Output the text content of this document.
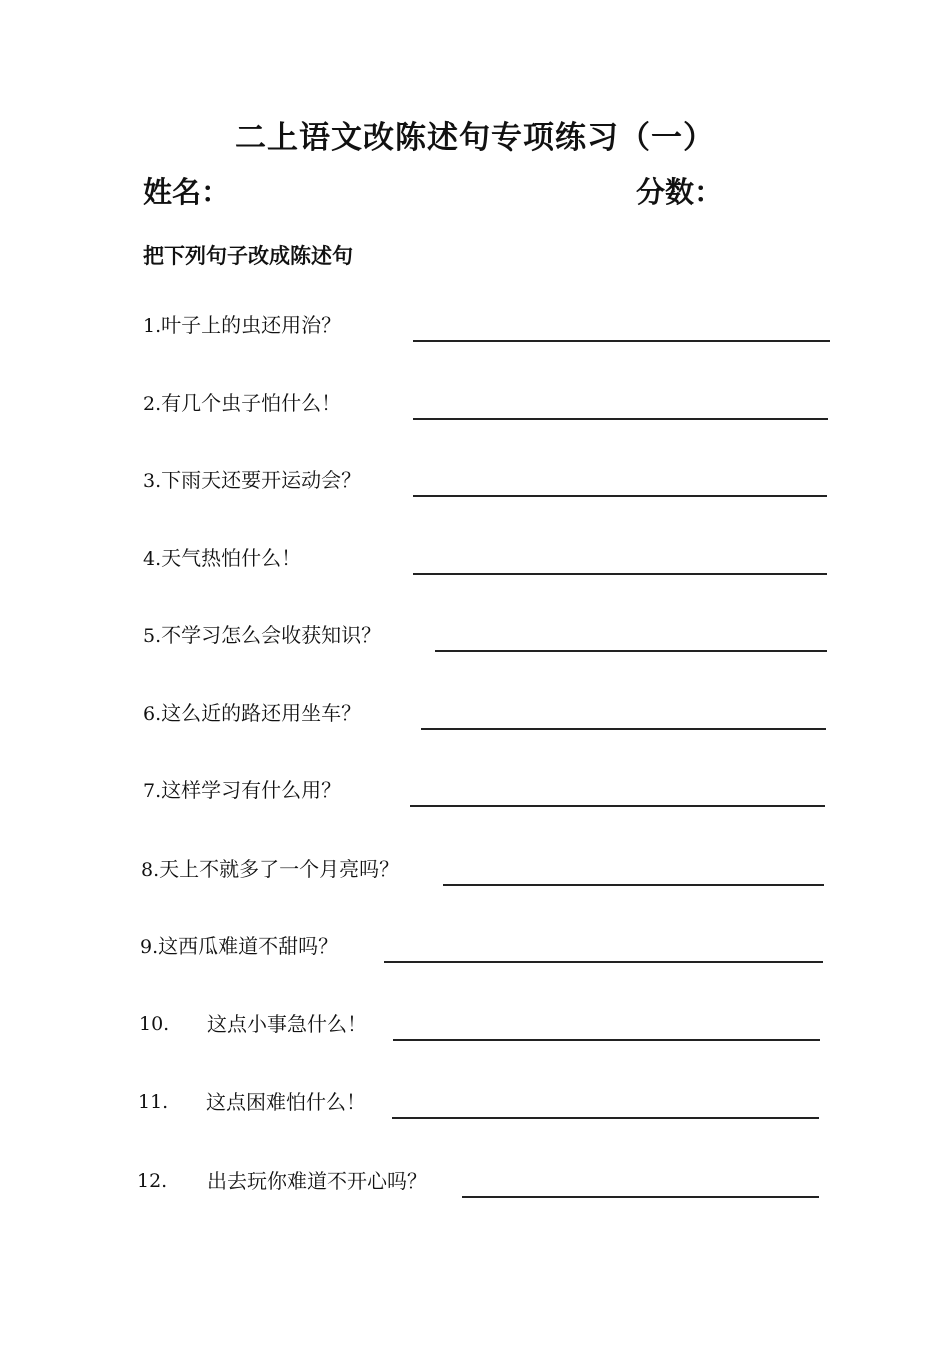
二上语文改陈述句专项练习（一）
姓名：	分数：
把下列句子改成陈述句
1.叶子上的虫还用治？
2.有几个虫子怕什么！
3.下雨天还要开运动会？
4.天气热怕什么！
5.不学习怎么会收获知识？
6.这么近的路还用坐车？
7.这样学习有什么用？
8.天上不就多了一个月亮吗？
9.这西瓜难道不甜吗？
10. 这点小事急什么！
11. 这点困难怕什么！
12. 出去玩你难道不开心吗？
